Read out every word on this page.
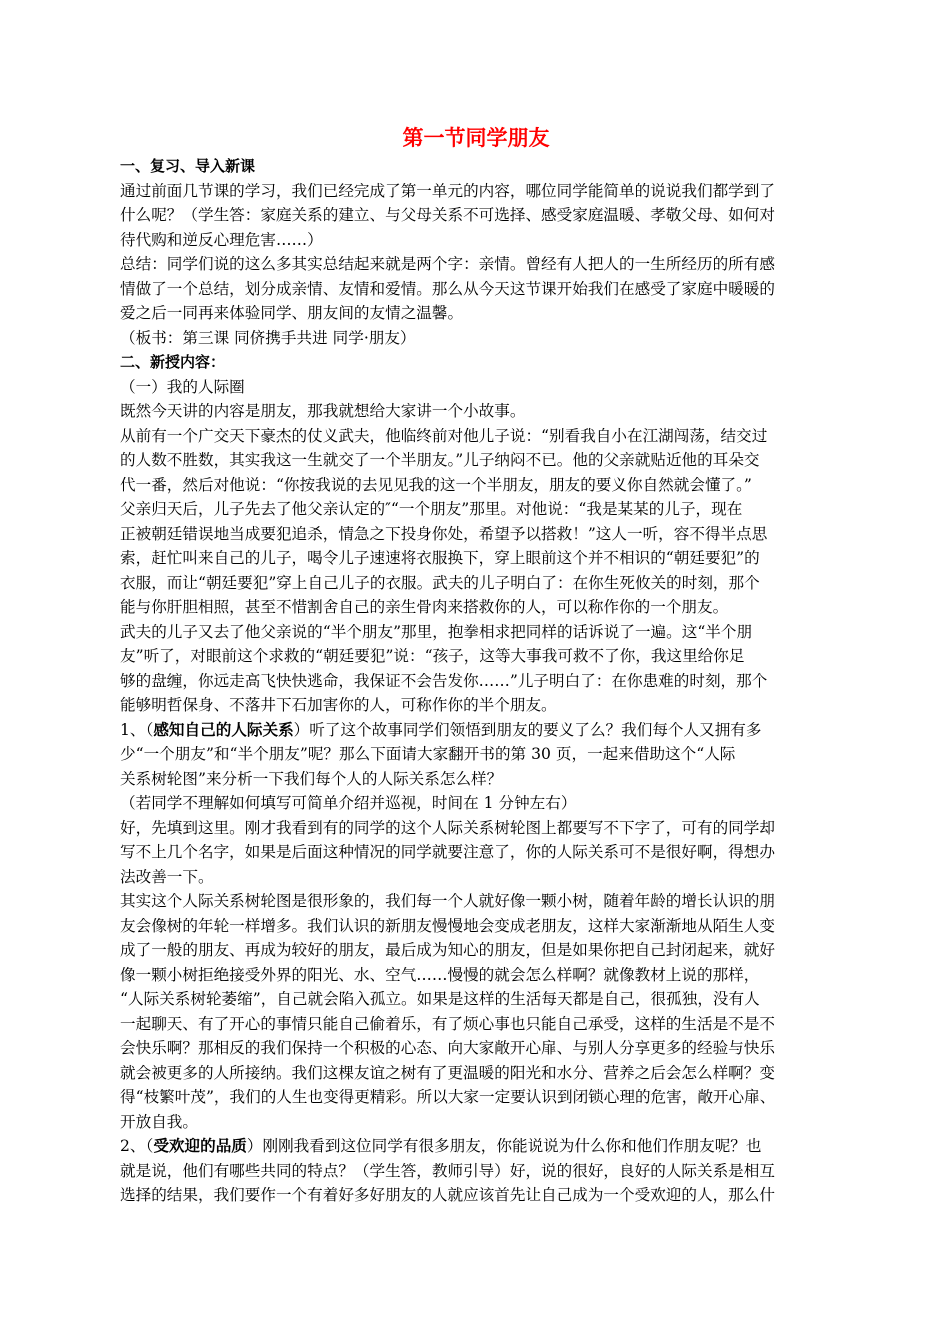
第一节同学朋友
一、复习、导入新课
通过前面几节课的学习，我们已经完成了第一单元的内容，哪位同学能简单的说说我们都学到了
什么呢？（学生答：家庭关系的建立、与父母关系不可选择、感受家庭温暖、孝敬父母、如何对
待代购和逆反心理危害……）
总结：同学们说的这么多其实总结起来就是两个字：亲情。曾经有人把人的一生所经历的所有感
情做了一个总结，划分成亲情、友情和爱情。那么从今天这节课开始我们在感受了家庭中暖暖的
爱之后一同再来体验同学、朋友间的友情之温馨。
（板书：第三课 同侪携手共进 同学·朋友）
二、新授内容：
（一）我的人际圈
既然今天讲的内容是朋友，那我就想给大家讲一个小故事。
从前有一个广交天下豪杰的仗义武夫，他临终前对他儿子说：“别看我自小在江湖闯荡，结交过
的人数不胜数，其实我这一生就交了一个半朋友。”儿子纳闷不已。他的父亲就贴近他的耳朵交
代一番，然后对他说：“你按我说的去见见我的这一个半朋友，朋友的要义你自然就会懂了。”
父亲归天后，儿子先去了他父亲认定的″“一个朋友”那里。对他说：“我是某某的儿子，现在
正被朝廷错误地当成要犯追杀，情急之下投身你处，希望予以搭救！”这人一听，容不得半点思
索，赶忙叫来自己的儿子，喝令儿子速速将衣服换下，穿上眼前这个并不相识的“朝廷要犯”的
衣服，而让“朝廷要犯”穿上自己儿子的衣服。武夫的儿子明白了：在你生死攸关的时刻，那个
能与你肝胆相照，甚至不惜割舍自己的亲生骨肉来搭救你的人，可以称作你的一个朋友。
武夫的儿子又去了他父亲说的“半个朋友”那里，抱拳相求把同样的话诉说了一遍。这“半个朋
友”听了，对眼前这个求救的“朝廷要犯”说：“孩子，这等大事我可救不了你，我这里给你足
够的盘缠，你远走高飞快快逃命，我保证不会告发你……”儿子明白了：在你患难的时刻，那个
能够明哲保身、不落井下石加害你的人，可称作你的半个朋友。
1、（感知自己的人际关系）听了这个故事同学们领悟到朋友的要义了么？我们每个人又拥有多
少“一个朋友”和“半个朋友”呢？那么下面请大家翻开书的第 30 页，一起来借助这个“人际
关系树轮图”来分析一下我们每个人的人际关系怎么样？
（若同学不理解如何填写可简单介绍并巡视，时间在 1 分钟左右）
好，先填到这里。刚才我看到有的同学的这个人际关系树轮图上都要写不下字了，可有的同学却
写不上几个名字，如果是后面这种情况的同学就要注意了，你的人际关系可不是很好啊，得想办
法改善一下。
其实这个人际关系树轮图是很形象的，我们每一个人就好像一颗小树，随着年龄的增长认识的朋
友会像树的年轮一样增多。我们认识的新朋友慢慢地会变成老朋友，这样大家渐渐地从陌生人变
成了一般的朋友、再成为较好的朋友，最后成为知心的朋友，但是如果你把自己封闭起来，就好
像一颗小树拒绝接受外界的阳光、水、空气……慢慢的就会怎么样啊？就像教材上说的那样，
“人际关系树轮萎缩”，自己就会陷入孤立。如果是这样的生活每天都是自己，很孤独，没有人
一起聊天、有了开心的事情只能自己偷着乐，有了烦心事也只能自己承受，这样的生活是不是不
会快乐啊？那相反的我们保持一个积极的心态、向大家敞开心扉、与别人分享更多的经验与快乐
就会被更多的人所接纳。我们这棵友谊之树有了更温暖的阳光和水分、营养之后会怎么样啊？变
得“枝繁叶茂”，我们的人生也变得更精彩。所以大家一定要认识到闭锁心理的危害，敞开心扉、
开放自我。
2、（受欢迎的品质）刚刚我看到这位同学有很多朋友，你能说说为什么你和他们作朋友呢？也
就是说，他们有哪些共同的特点？（学生答，教师引导）好，说的很好，良好的人际关系是相互
选择的结果，我们要作一个有着好多好朋友的人就应该首先让自己成为一个受欢迎的人，那么什
